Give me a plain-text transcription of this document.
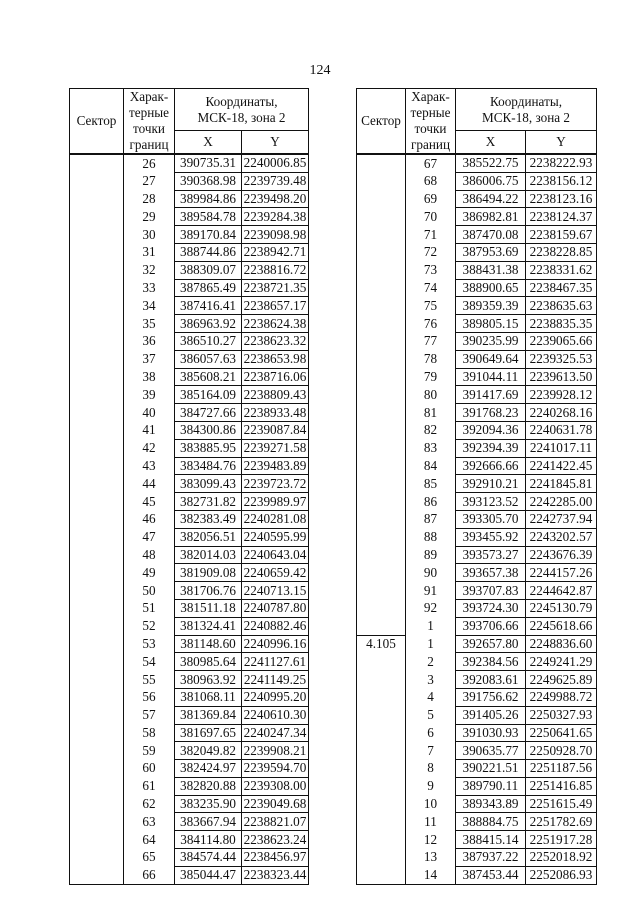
124
Сектор	Харак-
терные
точки
границ	Координаты,
МСК-18, зона 2	
		X	Y
	26	390735.31	2240006.85
	27	390368.98	2239739.48
	28	389984.86	2239498.20
	29	389584.78	2239284.38
	30	389170.84	2239098.98
	31	388744.86	2238942.71
	32	388309.07	2238816.72
	33	387865.49	2238721.35
	34	387416.41	2238657.17
	35	386963.92	2238624.38
	36	386510.27	2238623.32
	37	386057.63	2238653.98
	38	385608.21	2238716.06
	39	385164.09	2238809.43
	40	384727.66	2238933.48
	41	384300.86	2239087.84
	42	383885.95	2239271.58
	43	383484.76	2239483.89
	44	383099.43	2239723.72
	45	382731.82	2239989.97
	46	382383.49	2240281.08
	47	382056.51	2240595.99
	48	382014.03	2240643.04
	49	381909.08	2240659.42
	50	381706.76	2240713.15
	51	381511.18	2240787.80
	52	381324.41	2240882.46
	53	381148.60	2240996.16
	54	380985.64	2241127.61
	55	380963.92	2241149.25
	56	381068.11	2240995.20
	57	381369.84	2240610.30
	58	381697.65	2240247.34
	59	382049.82	2239908.21
	60	382424.97	2239594.70
	61	382820.88	2239308.00
	62	383235.90	2239049.68
	63	383667.94	2238821.07
	64	384114.80	2238623.24
	65	384574.44	2238456.97
	66	385044.47	2238323.44
Сектор	Харак-
терные
точки
границ	Координаты,
МСК-18, зона 2	
		X	Y
	67	385522.75	2238222.93
	68	386006.75	2238156.12
	69	386494.22	2238123.16
	70	386982.81	2238124.37
	71	387470.08	2238159.67
	72	387953.69	2238228.85
	73	388431.38	2238331.62
	74	388900.65	2238467.35
	75	389359.39	2238635.63
	76	389805.15	2238835.35
	77	390235.99	2239065.66
	78	390649.64	2239325.53
	79	391044.11	2239613.50
	80	391417.69	2239928.12
	81	391768.23	2240268.16
	82	392094.36	2240631.78
	83	392394.39	2241017.11
	84	392666.66	2241422.45
	85	392910.21	2241845.81
	86	393123.52	2242285.00
	87	393305.70	2242737.94
	88	393455.92	2243202.57
	89	393573.27	2243676.39
	90	393657.38	2244157.26
	91	393707.83	2244642.87
	92	393724.30	2245130.79
	1	393706.66	2245618.66
4.105	1	392657.80	2248836.60
	2	392384.56	2249241.29
	3	392083.61	2249625.89
	4	391756.62	2249988.72
	5	391405.26	2250327.93
	6	391030.93	2250641.65
	7	390635.77	2250928.70
	8	390221.51	2251187.56
	9	389790.11	2251416.85
	10	389343.89	2251615.49
	11	388884.75	2251782.69
	12	388415.14	2251917.28
	13	387937.22	2252018.92
	14	387453.44	2252086.93
